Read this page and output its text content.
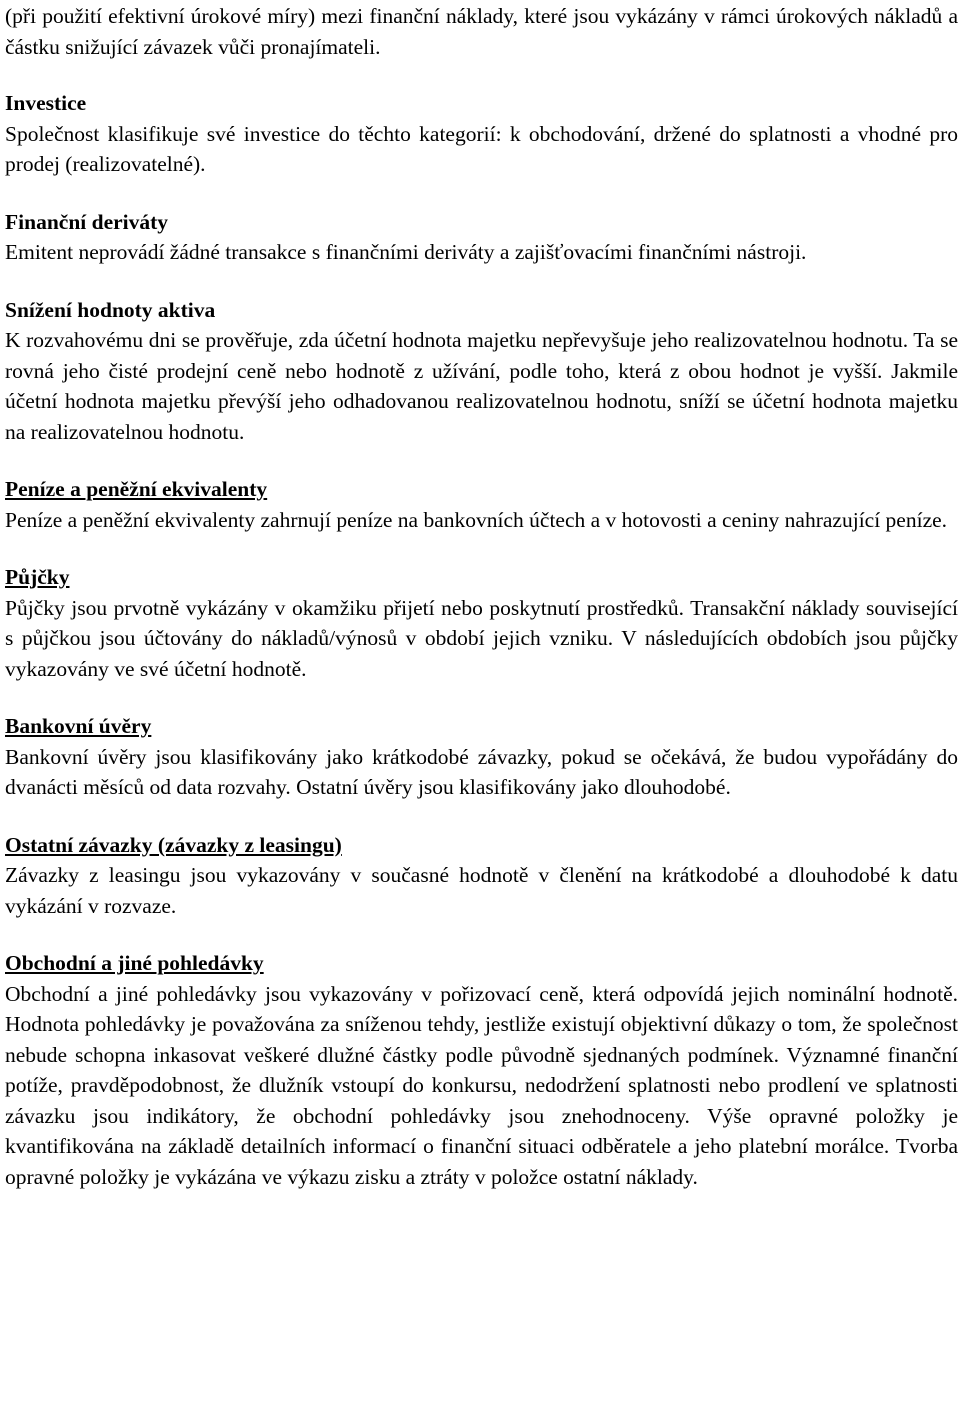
(při použití efektivní úrokové míry) mezi finanční náklady, které jsou vykázány v rámci úrokových nákladů a částku snižující závazek vůči pronajímateli.

Investice

Společnost klasifikuje své investice do těchto kategorií: k obchodování, držené do splatnosti a vhodné pro prodej (realizovatelné).

Finanční deriváty

Emitent neprovádí žádné transakce s finančními deriváty a zajišťovacími finančními nástroji.

Snížení hodnoty aktiva

K rozvahovému dni se prověřuje, zda účetní hodnota majetku nepřevyšuje jeho realizovatelnou hodnotu. Ta se rovná jeho čisté prodejní ceně nebo hodnotě z užívání, podle toho, která z obou hodnot je vyšší. Jakmile účetní hodnota majetku převýší jeho odhadovanou realizovatelnou hodnotu, sníží se účetní hodnota majetku na realizovatelnou hodnotu.

Peníze a peněžní ekvivalenty

Peníze a peněžní ekvivalenty zahrnují peníze na bankovních účtech a v hotovosti a ceniny nahrazující peníze.

Půjčky

Půjčky jsou prvotně vykázány v okamžiku přijetí nebo poskytnutí prostředků. Transakční náklady související s půjčkou jsou účtovány do nákladů/výnosů v období jejich vzniku. V následujících obdobích jsou půjčky vykazovány ve své účetní hodnotě.

Bankovní úvěry

Bankovní úvěry jsou klasifikovány jako krátkodobé závazky, pokud se očekává, že budou vypořádány do dvanácti měsíců od data rozvahy. Ostatní úvěry jsou klasifikovány jako dlouhodobé.

Ostatní závazky (závazky z leasingu)

Závazky z leasingu jsou vykazovány v současné hodnotě v členění na krátkodobé a dlouhodobé k datu vykázání v rozvaze.

Obchodní a jiné pohledávky

Obchodní a jiné pohledávky jsou vykazovány v pořizovací ceně, která odpovídá jejich nominální hodnotě. Hodnota pohledávky je považována za sníženou tehdy, jestliže existují objektivní důkazy o tom, že společnost nebude schopna inkasovat veškeré dlužné částky podle původně sjednaných podmínek. Významné finanční potíže, pravděpodobnost, že dlužník vstoupí do konkursu, nedodržení splatnosti nebo prodlení ve splatnosti závazku jsou indikátory, že obchodní pohledávky jsou znehodnoceny. Výše opravné položky je kvantifikována na základě detailních informací o finanční situaci odběratele a jeho platební morálce. Tvorba opravné položky je vykázána ve výkazu zisku a ztráty v položce ostatní náklady.
